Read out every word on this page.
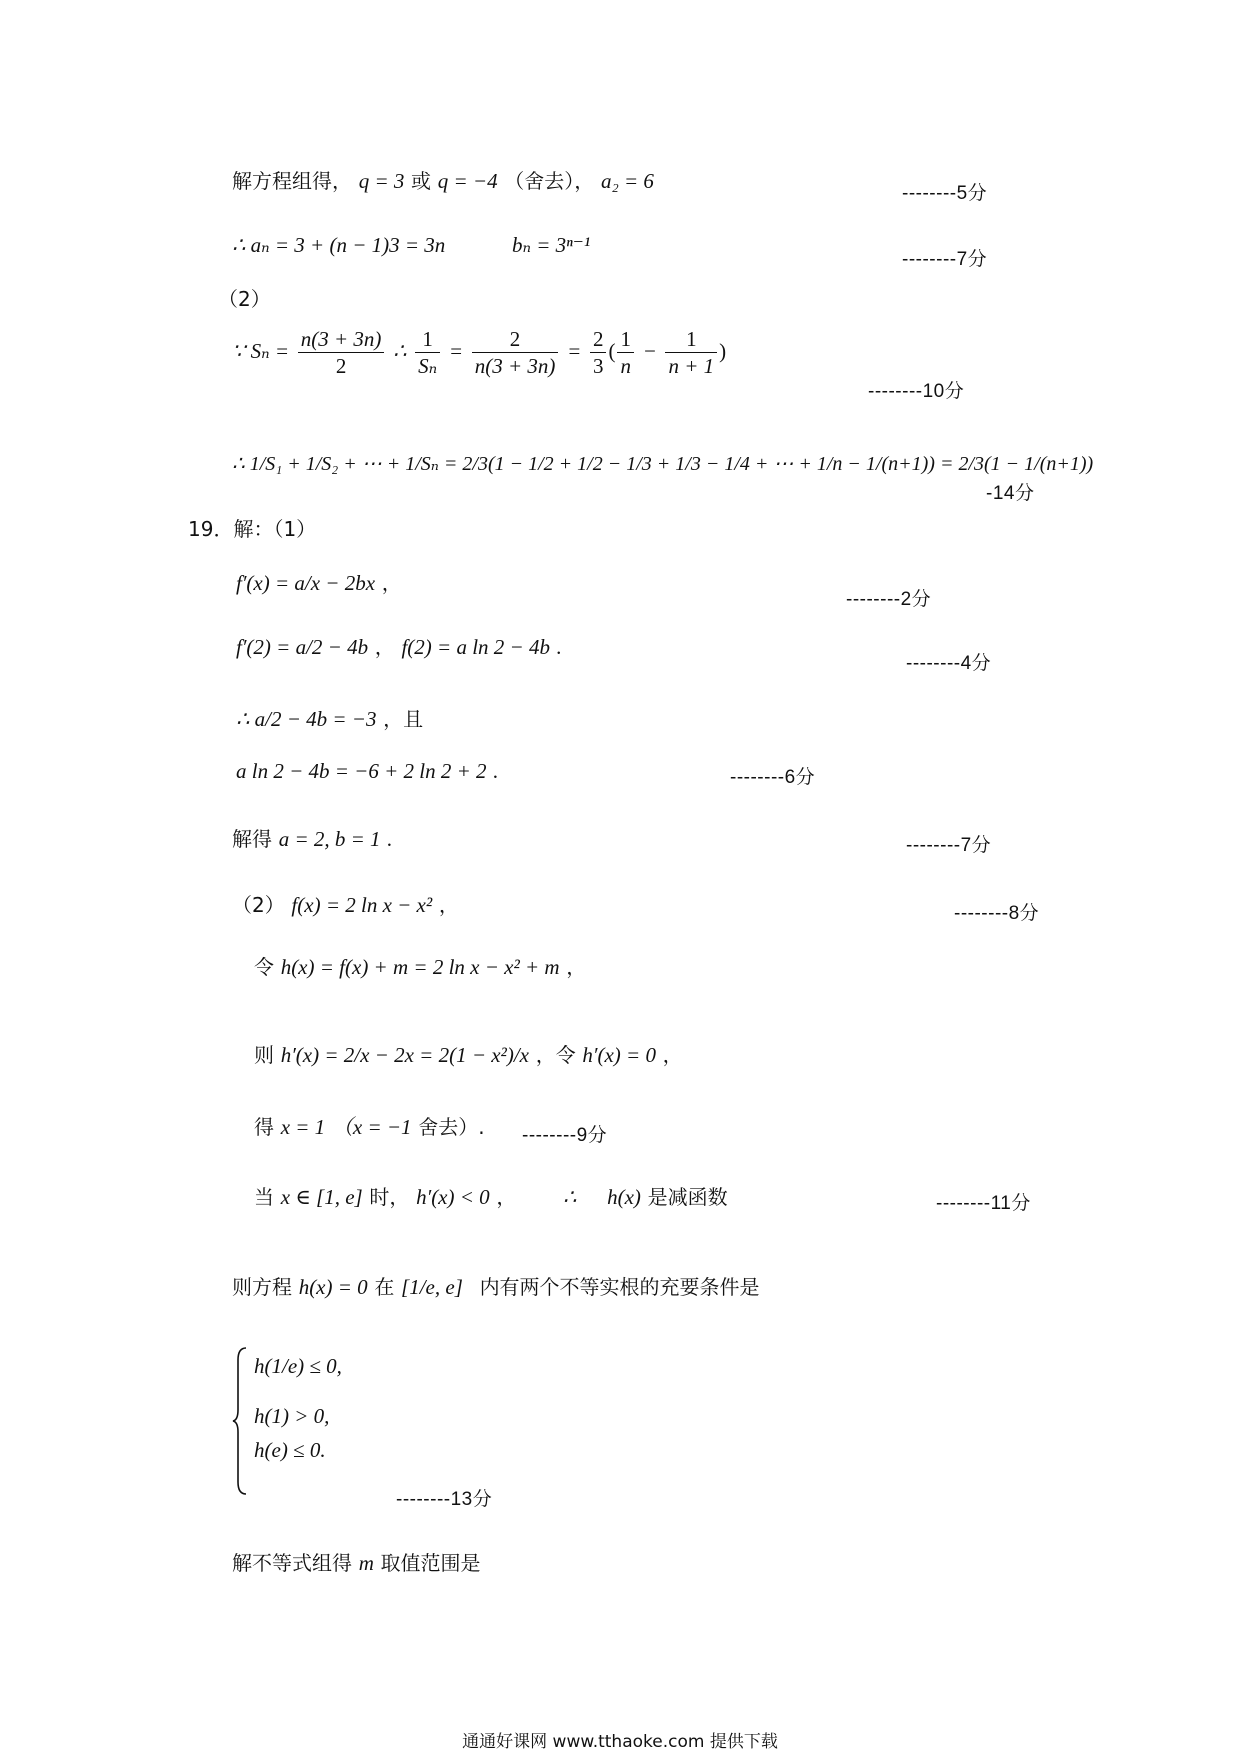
解方程组得， q = 3 或 q = −4 （舍去）， a₂ = 6
--------5分
∴ aₙ = 3 + (n − 1)3 = 3n	bₙ = 3ⁿ⁻¹
--------7分
（2）
∵ $S_n = \frac{n(3 + 3n)}{2}$ ∴ $\frac{1}{\text{Sₙ}} = \frac{2}{n(3 + 3n)} = \frac{2}{3}$ ( $\frac{1}{n} - \frac{1}{n + 1}$ )
--------10分
∴ 1/S₁ + 1/S₂ + ⋯ + 1/Sₙ = 2/3(1 − 1/2 + 1/2 − 1/3 + 1/3 − 1/4 + ⋯ + 1/n − 1/(n+1)) = 2/3(1 − 1/(n+1))
-14分
19．解：（1）
f′(x) = a/x − 2bx ，
--------2分
f′(2) = a/2 − 4b ， f(2) = a ln 2 − 4b .
--------4分
∴ a/2 − 4b = −3 ，且
a ln 2 − 4b = −6 + 2 ln 2 + 2 .	--------6分
解得 a = 2, b = 1 .	--------7分
（2） f(x) = 2 ln x − x² ，	--------8分
令 h(x) = f(x) + m = 2 ln x − x² + m ，
则 h′(x) = 2/x − 2x = 2(1 − x²)/x ，令 h′(x) = 0 ，
得 x = 1 （x = −1 舍去）. --------9分
当 x ∈ [1, e] 时， h′(x) < 0 ， ∴ h(x) 是减函数	--------11分
则方程 h(x) = 0 在 [1/e, e] 内有两个不等实根的充要条件是
h(1/e) ≤ 0,
h(1) > 0,
h(e) ≤ 0.
--------13分
解不等式组得 m 取值范围是
通通好课网 www.tthaoke.com 提供下载
